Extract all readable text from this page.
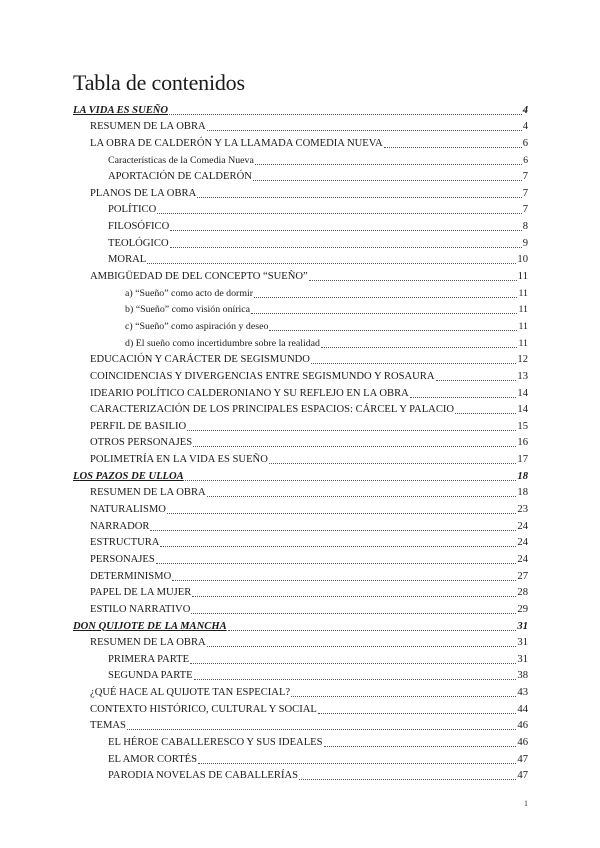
Tabla de contenidos
LA VIDA ES SUEÑO	4
RESUMEN DE LA OBRA	4
LA OBRA DE CALDERÓN Y LA LLAMADA COMEDIA NUEVA	6
Características de la Comedia Nueva	6
APORTACIÓN DE CALDERÓN	7
PLANOS DE LA OBRA	7
POLÍTICO	7
FILOSÓFICO	8
TEOLÓGICO	9
MORAL	10
AMBIGÜEDAD DE DEL CONCEPTO “SUEÑO”	11
a) “Sueño” como acto de dormir	11
b) “Sueño” como visión onírica	11
c) “Sueño” como aspiración y deseo	11
d) El sueño como incertidumbre sobre la realidad	11
EDUCACIÓN Y CARÁCTER DE SEGISMUNDO	12
COINCIDENCIAS Y DIVERGENCIAS ENTRE SEGISMUNDO Y ROSAURA	13
IDEARIO POLÍTICO CALDERONIANO Y SU REFLEJO EN LA OBRA	14
CARACTERIZACIÓN DE LOS PRINCIPALES ESPACIOS: CÁRCEL Y PALACIO	14
PERFIL DE BASILIO	15
OTROS PERSONAJES	16
POLIMETRÍA EN LA VIDA ES SUEÑO	17
LOS PAZOS DE ULLOA	18
RESUMEN DE LA OBRA	18
NATURALISMO	23
NARRADOR	24
ESTRUCTURA	24
PERSONAJES	24
DETERMINISMO	27
PAPEL DE LA MUJER	28
ESTILO NARRATIVO	29
DON QUIJOTE DE LA MANCHA	31
RESUMEN DE LA OBRA	31
PRIMERA PARTE	31
SEGUNDA PARTE	38
¿QUÉ HACE AL QUIJOTE TAN ESPECIAL?	43
CONTEXTO HISTÓRICO, CULTURAL Y SOCIAL	44
TEMAS	46
EL HÉROE CABALLERESCO Y SUS IDEALES	46
EL AMOR CORTÉS	47
PARODIA NOVELAS DE CABALLERÍAS	47
1
